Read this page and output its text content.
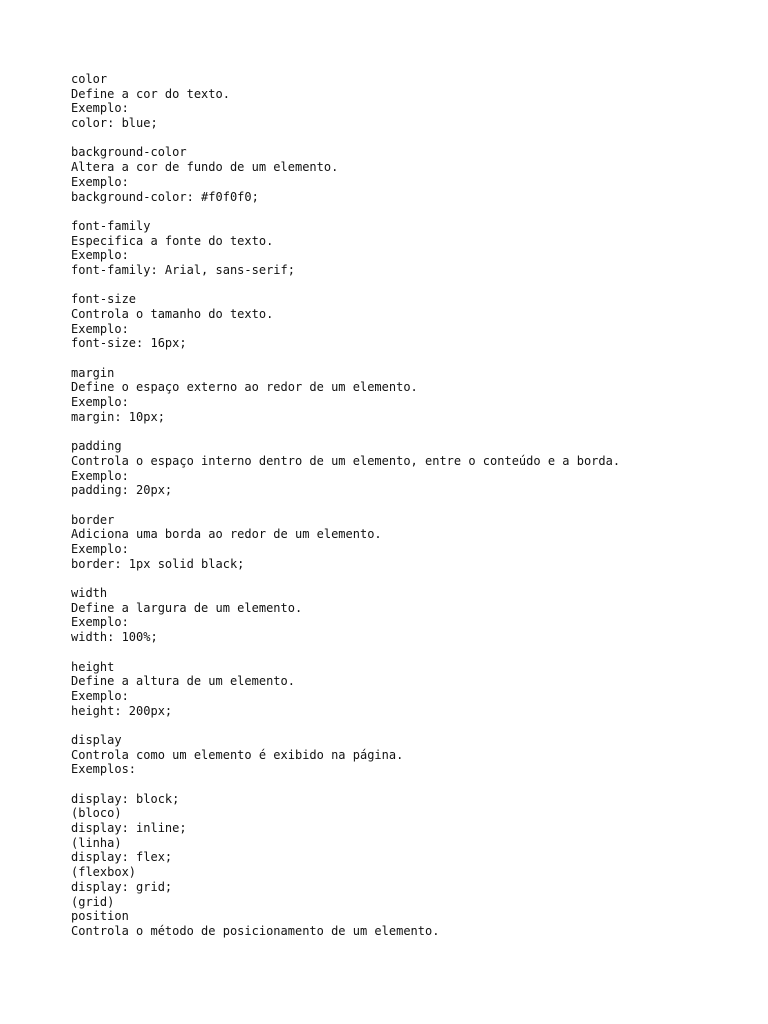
color
Define a cor do texto.
Exemplo:
color: blue;
background-color
Altera a cor de fundo de um elemento.
Exemplo:
background-color: #f0f0f0;
font-family
Especifica a fonte do texto.
Exemplo:
font-family: Arial, sans-serif;
font-size
Controla o tamanho do texto.
Exemplo:
font-size: 16px;
margin
Define o espaço externo ao redor de um elemento.
Exemplo:
margin: 10px;
padding
Controla o espaço interno dentro de um elemento, entre o conteúdo e a borda.
Exemplo:
padding: 20px;
border
Adiciona uma borda ao redor de um elemento.
Exemplo:
border: 1px solid black;
width
Define a largura de um elemento.
Exemplo:
width: 100%;
height
Define a altura de um elemento.
Exemplo:
height: 200px;
display
Controla como um elemento é exibido na página.
Exemplos:
display: block;
(bloco)
display: inline;
(linha)
display: flex;
(flexbox)
display: grid;
(grid)
position
Controla o método de posicionamento de um elemento.
